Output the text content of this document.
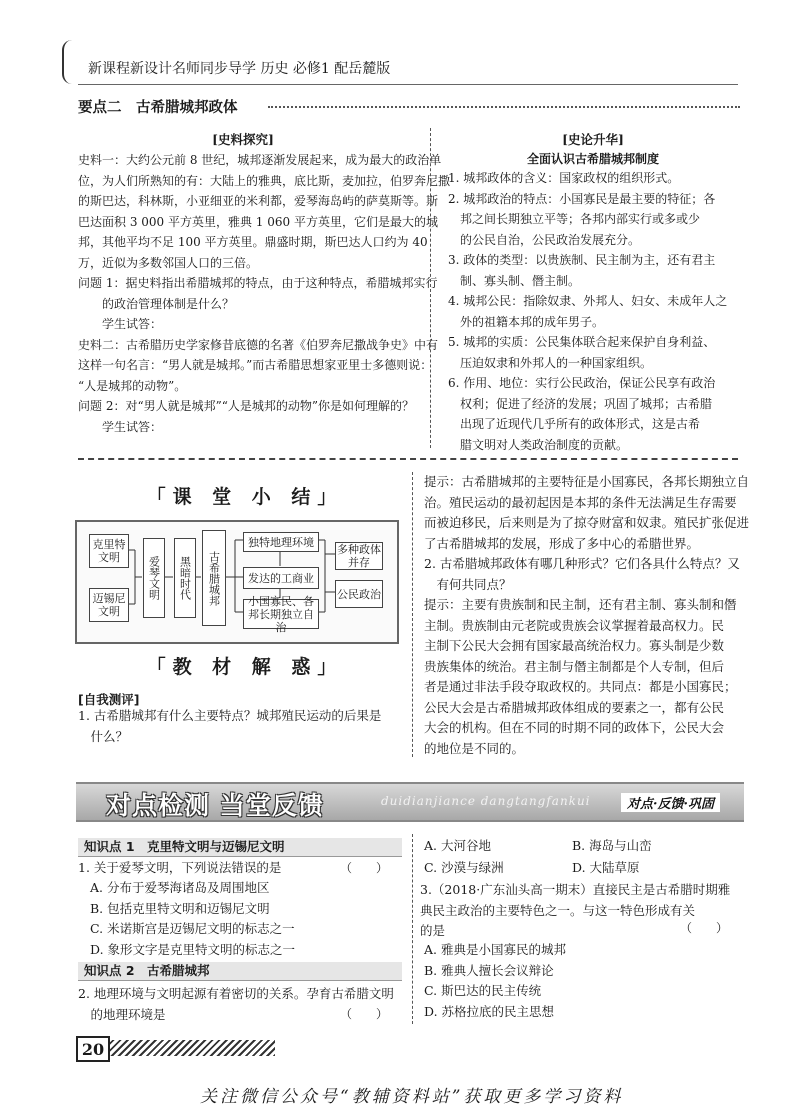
新课程新设计名师同步导学 历史 必修1 配岳麓版
要点二　古希腊城邦政体
[史料探究]
史料一：大约公元前 8 世纪，城邦逐渐发展起来，成为最大的政治单
位，为人们所熟知的有：大陆上的雅典，底比斯，麦加拉，伯罗奔尼撒
的斯巴达，科林斯，小亚细亚的米利都，爱琴海岛屿的萨莫斯等。斯
巴达面积 3 000 平方英里，雅典 1 060 平方英里，它们是最大的城
邦，其他平均不足 100 平方英里。鼎盛时期，斯巴达人口约为 40
万，近似为多数邻国人口的三倍。
问题 1：据史料指出希腊城邦的特点，由于这种特点，希腊城邦实行
　　的政治管理体制是什么？
　　学生试答：
史料二：古希腊历史学家修昔底德的名著《伯罗奔尼撒战争史》中有
这样一句名言：“男人就是城邦。”而古希腊思想家亚里士多德则说：
“人是城邦的动物”。
问题 2：对“男人就是城邦”“人是城邦的动物”你是如何理解的？
　　学生试答：
[史论升华]
全面认识古希腊城邦制度
1. 城邦政体的含义：国家政权的组织形式。
2. 城邦政治的特点：小国寡民是最主要的特征；各
　邦之间长期独立平等；各邦内部实行或多或少
　的公民自治，公民政治发展充分。
3. 政体的类型：以贵族制、民主制为主，还有君主
　制、寡头制、僭主制。
4. 城邦公民：指除奴隶、外邦人、妇女、未成年人之
　外的祖籍本邦的成年男子。
5. 城邦的实质：公民集体联合起来保护自身利益、
　压迫奴隶和外邦人的一种国家组织。
6. 作用、地位：实行公民政治，保证公民享有政治
　权利；促进了经济的发展；巩固了城邦；古希腊
　出现了近现代几乎所有的政体形式，这是古希
　腊文明对人类政治制度的贡献。
「课 堂 小 结」
克里特文明
迈锡尼文明
爱琴文明	黑暗时代	古希腊城邦
独特地理环境
发达的工商业
小国寡民、各邦长期独立自治
多种政体并存
公民政治
「教 材 解 惑」
[自我测评]
1. 古希腊城邦有什么主要特点？城邦殖民运动的后果是
　什么？
提示：古希腊城邦的主要特征是小国寡民，各邦长期独立自
治。殖民运动的最初起因是本邦的条件无法满足生存需要
而被迫移民，后来则是为了掠夺财富和奴隶。殖民扩张促进
了古希腊城邦的发展，形成了多中心的希腊世界。
2. 古希腊城邦政体有哪几种形式？它们各具什么特点？又
　有何共同点？
提示：主要有贵族制和民主制，还有君主制、寡头制和僭
主制。贵族制由元老院或贵族会议掌握着最高权力。民
主制下公民大会拥有国家最高统治权力。寡头制是少数
贵族集体的统治。君主制与僭主制都是个人专制，但后
者是通过非法手段夺取政权的。共同点：都是小国寡民；
公民大会是古希腊城邦政体组成的要素之一，都有公民
大会的机构。但在不同的时期不同的政体下，公民大会
的地位是不同的。
对点检测 当堂反馈	duidianjiance dangtangfankui	对点·反馈·巩固
知识点 1　克里特文明与迈锡尼文明
1. 关于爱琴文明，下列说法错误的是	（　　）
A. 分布于爱琴海诸岛及周围地区
B. 包括克里特文明和迈锡尼文明
C. 米诺斯宫是迈锡尼文明的标志之一
D. 象形文字是克里特文明的标志之一
知识点 2　古希腊城邦
2. 地理环境与文明起源有着密切的关系。孕育古希腊文明
　的地理环境是	（　　）
A. 大河谷地	B. 海岛与山峦
C. 沙漠与绿洲	D. 大陆草原
3.（2018·广东汕头高一期末）直接民主是古希腊时期雅
典民主政治的主要特色之一。与这一特色形成有关
的是	（　　）
A. 雅典是小国寡民的城邦
B. 雅典人擅长会议辩论
C. 斯巴达的民主传统
D. 苏格拉底的民主思想
20
关注微信公众号“教辅资料站”获取更多学习资料
